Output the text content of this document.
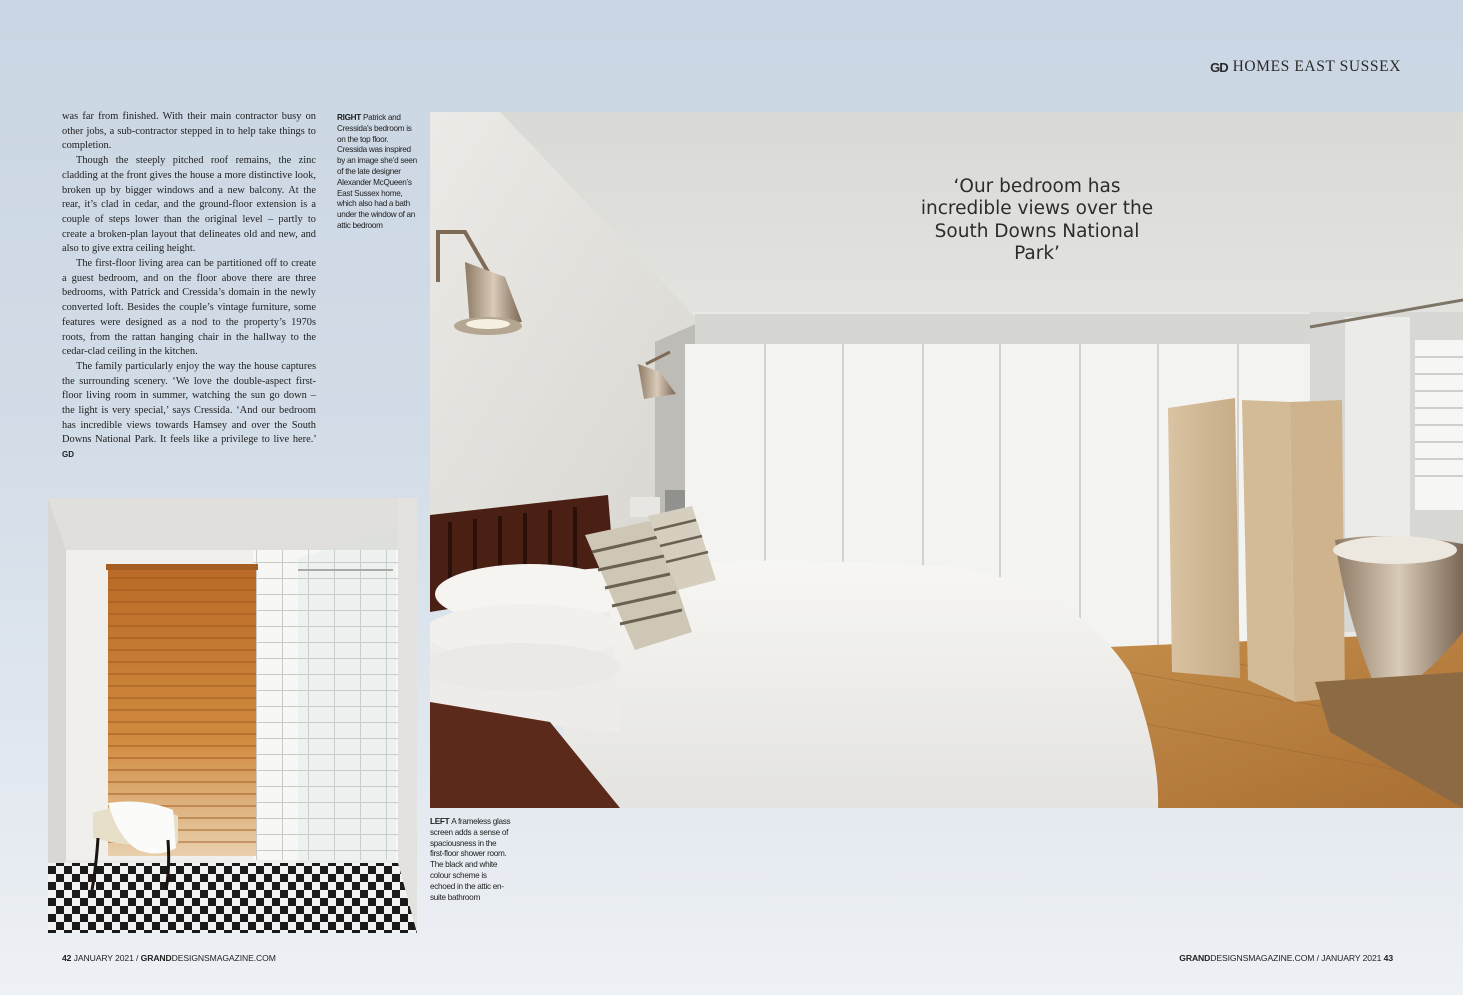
GD HOMES EAST SUSSEX

was far from finished. With their main contractor busy on other jobs, a sub-contractor stepped in to help take things to completion.

Though the steeply pitched roof remains, the zinc cladding at the front gives the house a more distinctive look, broken up by bigger windows and a new balcony. At the rear, it’s clad in cedar, and the ground-floor extension is a couple of steps lower than the original level – partly to create a broken-plan layout that delineates old and new, and also to give extra ceiling height.

The first-floor living area can be partitioned off to create a guest bedroom, and on the floor above there are three bedrooms, with Patrick and Cressida’s domain in the newly converted loft. Besides the couple’s vintage furniture, some features were designed as a nod to the property’s 1970s roots, from the rattan hanging chair in the hallway to the cedar-clad ceiling in the kitchen.

The family particularly enjoy the way the house captures the surrounding scenery. ‘We love the double-aspect first-floor living room in summer, watching the sun go down – the light is very special,’ says Cressida. ‘And our bedroom has incredible views towards Hamsey and over the South Downs National Park. It feels like a privilege to live here.’ GD

RIGHT Patrick and Cressida’s bedroom is on the top floor. Cressida was inspired by an image she’d seen of the late designer Alexander McQueen’s East Sussex home, which also had a bath under the window of an attic bedroom
‘Our bedroom has incredible views over the South Downs National Park’
LEFT A frameless glass screen adds a sense of spaciousness in the first-floor shower room. The black and white colour scheme is echoed in the attic en-suite bathroom
42 JANUARY 2021 / GRANDDESIGNSMAGAZINE.COM	GRANDDESIGNSMAGAZINE.COM / JANUARY 2021 43
